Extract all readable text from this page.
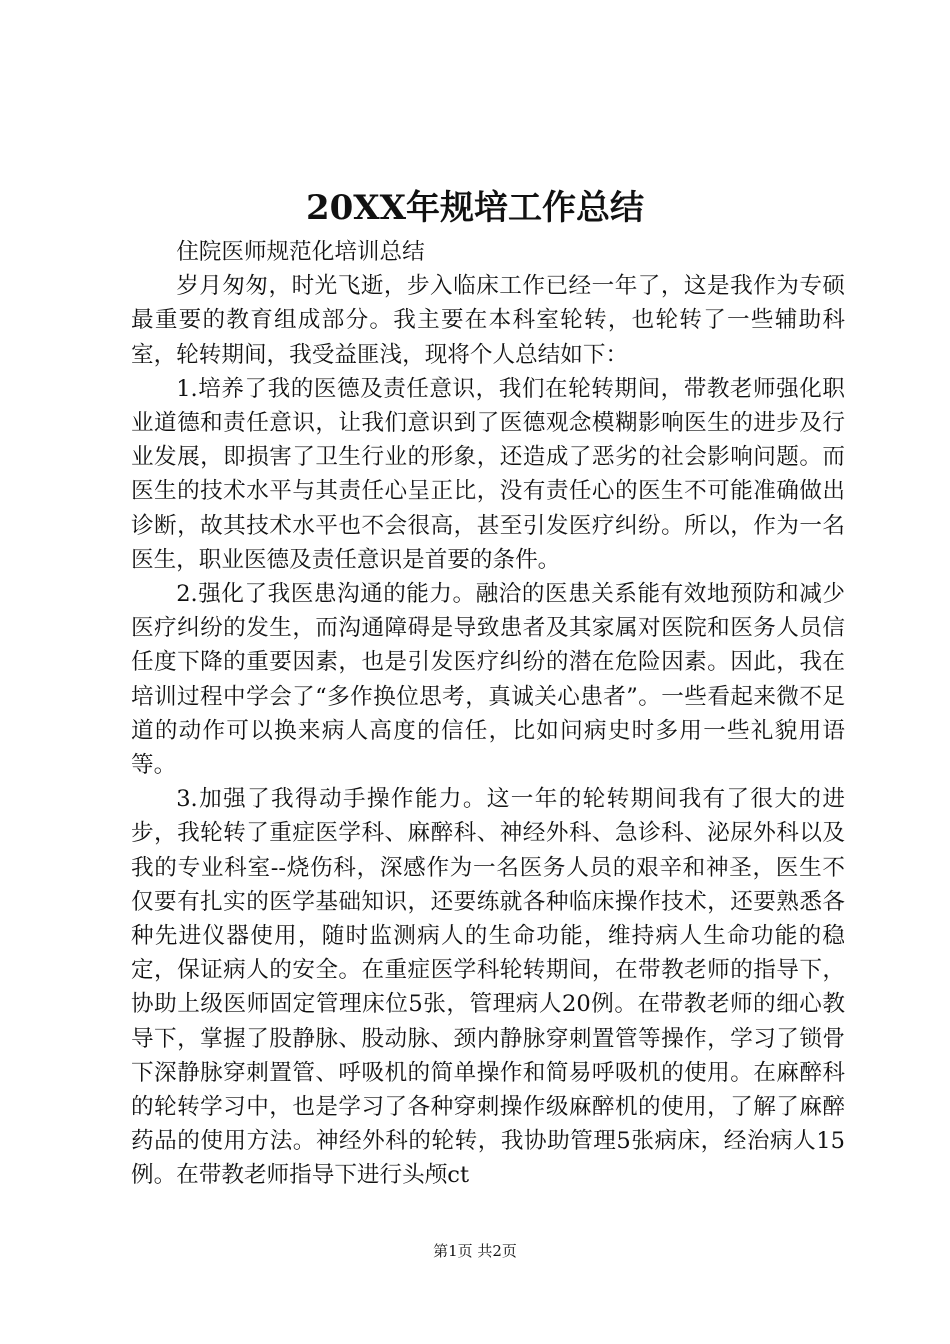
20XX年规培工作总结

住院医师规范化培训总结

岁月匆匆，时光飞逝，步入临床工作已经一年了，这是我作为专硕最重要的教育组成部分。我主要在本科室轮转，也轮转了一些辅助科室，轮转期间，我受益匪浅，现将个人总结如下：

1.培养了我的医德及责任意识，我们在轮转期间，带教老师强化职业道德和责任意识，让我们意识到了医德观念模糊影响医生的进步及行业发展，即损害了卫生行业的形象，还造成了恶劣的社会影响问题。而医生的技术水平与其责任心呈正比，没有责任心的医生不可能准确做出诊断，故其技术水平也不会很高，甚至引发医疗纠纷。所以，作为一名医生，职业医德及责任意识是首要的条件。

2.强化了我医患沟通的能力。融洽的医患关系能有效地预防和减少医疗纠纷的发生，而沟通障碍是导致患者及其家属对医院和医务人员信任度下降的重要因素，也是引发医疗纠纷的潜在危险因素。因此，我在培训过程中学会了“多作换位思考，真诚关心患者”。一些看起来微不足道的动作可以换来病人高度的信任，比如问病史时多用一些礼貌用语等。

3.加强了我得动手操作能力。这一年的轮转期间我有了很大的进步，我轮转了重症医学科、麻醉科、神经外科、急诊科、泌尿外科以及我的专业科室--烧伤科，深感作为一名医务人员的艰辛和神圣，医生不仅要有扎实的医学基础知识，还要练就各种临床操作技术，还要熟悉各种先进仪器使用，随时监测病人的生命功能，维持病人生命功能的稳定，保证病人的安全。在重症医学科轮转期间，在带教老师的指导下，协助上级医师固定管理床位5张，管理病人20例。在带教老师的细心教导下，掌握了股静脉、股动脉、颈内静脉穿刺置管等操作，学习了锁骨下深静脉穿刺置管、呼吸机的简单操作和简易呼吸机的使用。在麻醉科的轮转学习中，也是学习了各种穿刺操作级麻醉机的使用，了解了麻醉药品的使用方法。神经外科的轮转，我协助管理5张病床，经治病人15例。在带教老师指导下进行头颅ct

第1页 共2页
